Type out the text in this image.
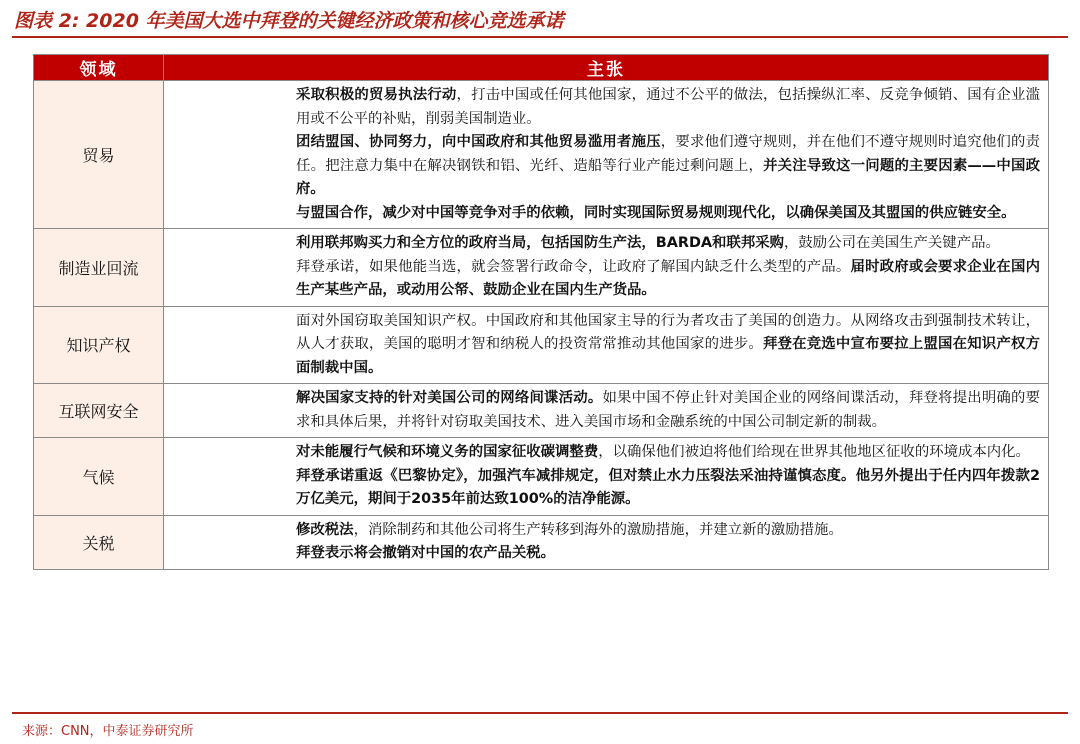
图表 2: 2020 年美国大选中拜登的关键经济政策和核心竞选承诺
领域	主张
贸易	采取积极的贸易执法行动，打击中国或任何其他国家，通过不公平的做法，包括操纵汇率、反竞争倾销、国有企业滥用或不公平的补贴，削弱美国制造业。

团结盟国、协同努力，向中国政府和其他贸易滥用者施压，要求他们遵守规则，并在他们不遵守规则时追究他们的责任。把注意力集中在解决钢铁和铝、光纤、造船等行业产能过剩问题上，并关注导致这一问题的主要因素——中国政府。

与盟国合作，减少对中国等竞争对手的依赖，同时实现国际贸易规则现代化，以确保美国及其盟国的供应链安全。

制造业回流	利用联邦购买力和全方位的政府当局，包括国防生产法，BARDA和联邦采购，鼓励公司在美国生产关键产品。

拜登承诺，如果他能当选，就会签署行政命令，让政府了解国内缺乏什么类型的产品。届时政府或会要求企业在国内生产某些产品，或动用公帑、鼓励企业在国内生产货品。

知识产权	面对外国窃取美国知识产权。中国政府和其他国家主导的行为者攻击了美国的创造力。从网络攻击到强制技术转让，从人才获取，美国的聪明才智和纳税人的投资常常推动其他国家的进步。拜登在竞选中宣布要拉上盟国在知识产权方面制裁中国。

互联网安全	解决国家支持的针对美国公司的网络间谍活动。如果中国不停止针对美国企业的网络间谍活动，拜登将提出明确的要求和具体后果，并将针对窃取美国技术、进入美国市场和金融系统的中国公司制定新的制裁。

气候	对未能履行气候和环境义务的国家征收碳调整费，以确保他们被迫将他们给现在世界其他地区征收的环境成本内化。

拜登承诺重返《巴黎协定》，加强汽车减排规定，但对禁止水力压裂法采油持谨慎态度。他另外提出于任内四年拨款2万亿美元，期间于2035年前达致100%的洁净能源。

关税	修改税法，消除制药和其他公司将生产转移到海外的激励措施，并建立新的激励措施。

拜登表示将会撤销对中国的农产品关税。

来源：CNN，中泰证券研究所
